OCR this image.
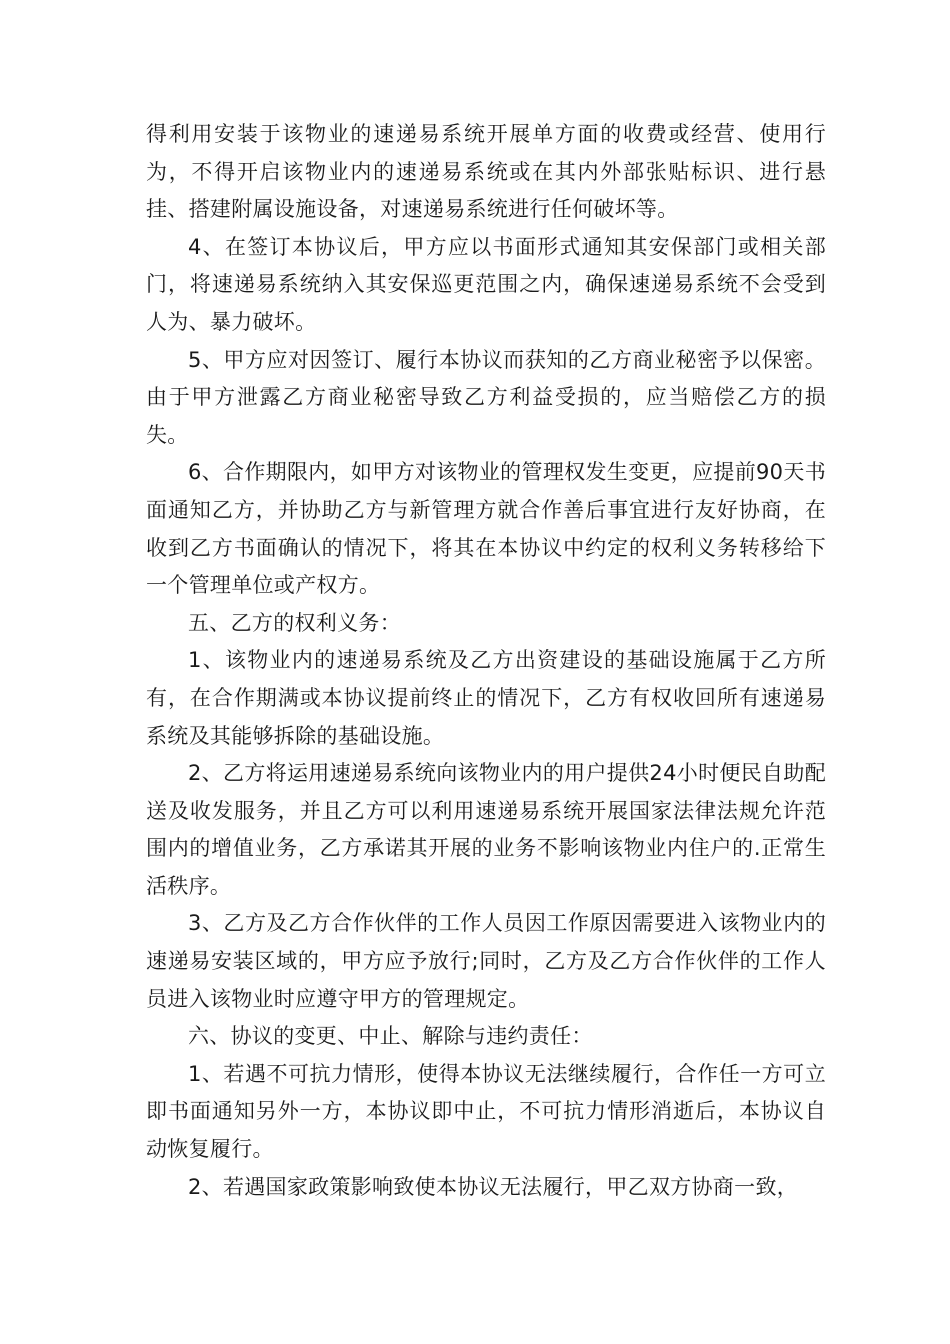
得利用安装于该物业的速递易系统开展单方面的收费或经营、使用行为，不得开启该物业内的速递易系统或在其内外部张贴标识、进行悬挂、搭建附属设施设备，对速递易系统进行任何破坏等。

4、在签订本协议后，甲方应以书面形式通知其安保部门或相关部门，将速递易系统纳入其安保巡更范围之内，确保速递易系统不会受到人为、暴力破坏。

5、甲方应对因签订、履行本协议而获知的乙方商业秘密予以保密。由于甲方泄露乙方商业秘密导致乙方利益受损的，应当赔偿乙方的损失。

6、合作期限内，如甲方对该物业的管理权发生变更，应提前90天书面通知乙方，并协助乙方与新管理方就合作善后事宜进行友好协商，在收到乙方书面确认的情况下，将其在本协议中约定的权利义务转移给下一个管理单位或产权方。

五、乙方的权利义务：

1、该物业内的速递易系统及乙方出资建设的基础设施属于乙方所有，在合作期满或本协议提前终止的情况下，乙方有权收回所有速递易系统及其能够拆除的基础设施。

2、乙方将运用速递易系统向该物业内的用户提供24小时便民自助配送及收发服务，并且乙方可以利用速递易系统开展国家法律法规允许范围内的增值业务，乙方承诺其开展的业务不影响该物业内住户的.正常生活秩序。

3、乙方及乙方合作伙伴的工作人员因工作原因需要进入该物业内的速递易安装区域的，甲方应予放行;同时，乙方及乙方合作伙伴的工作人员进入该物业时应遵守甲方的管理规定。

六、协议的变更、中止、解除与违约责任：

1、若遇不可抗力情形，使得本协议无法继续履行，合作任一方可立即书面通知另外一方，本协议即中止，不可抗力情形消逝后，本协议自动恢复履行。

2、若遇国家政策影响致使本协议无法履行，甲乙双方协商一致，
